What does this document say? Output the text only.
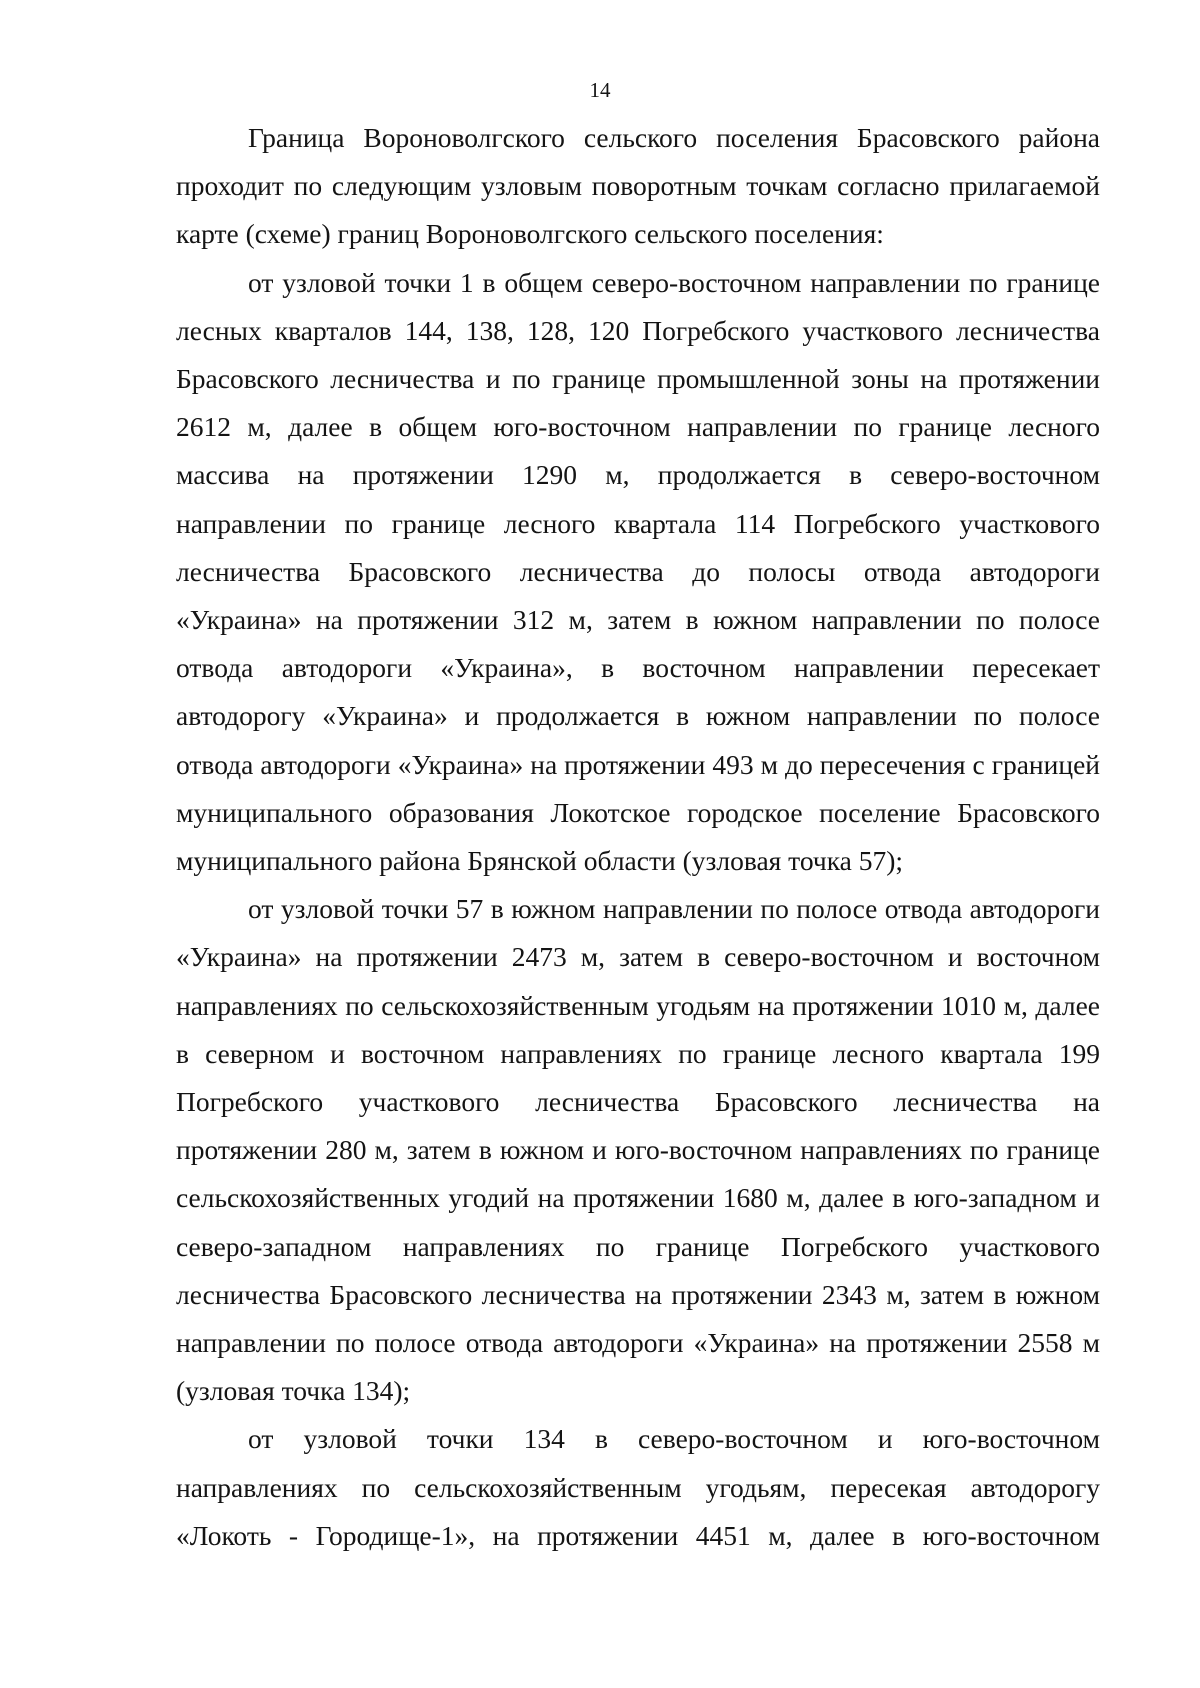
14

Граница Вороноволгского сельского поселения Брасовского района проходит по следующим узловым поворотным точкам согласно прилагаемой карте (схеме) границ Вороноволгского сельского поселения:

от узловой точки 1 в общем северо-восточном направлении по границе лесных кварталов 144, 138, 128, 120 Погребского участкового лесничества Брасовского лесничества и по границе промышленной зоны на протяжении 2612 м, далее в общем юго-восточном направлении по границе лесного массива на протяжении 1290 м, продолжается в северо-восточном направлении по границе лесного квартала 114 Погребского участкового лесничества Брасовского лесничества до полосы отвода автодороги «Украина» на протяжении 312 м, затем в южном направлении по полосе отвода автодороги «Украина», в восточном направлении пересекает автодорогу «Украина» и продолжается в южном направлении по полосе отвода автодороги «Украина» на протяжении 493 м до пересечения с границей муниципального образования Локотское городское поселение Брасовского муниципального района Брянской области (узловая точка 57);

от узловой точки 57 в южном направлении по полосе отвода автодороги «Украина» на протяжении 2473 м, затем в северо-восточном и восточном направлениях по сельскохозяйственным угодьям на протяжении 1010 м, далее в северном и восточном направлениях по границе лесного квартала 199 Погребского участкового лесничества Брасовского лесничества на протяжении 280 м, затем в южном и юго-восточном направлениях по границе сельскохозяйственных угодий на протяжении 1680 м, далее в юго-западном и северо-западном направлениях по границе Погребского участкового лесничества Брасовского лесничества на протяжении 2343 м, затем в южном направлении по полосе отвода автодороги «Украина» на протяжении 2558 м (узловая точка 134);

от узловой точки 134 в северо-восточном и юго-восточном направлениях по сельскохозяйственным угодьям, пересекая автодорогу «Локоть - Городище-1», на протяжении 4451 м, далее в юго-восточном
